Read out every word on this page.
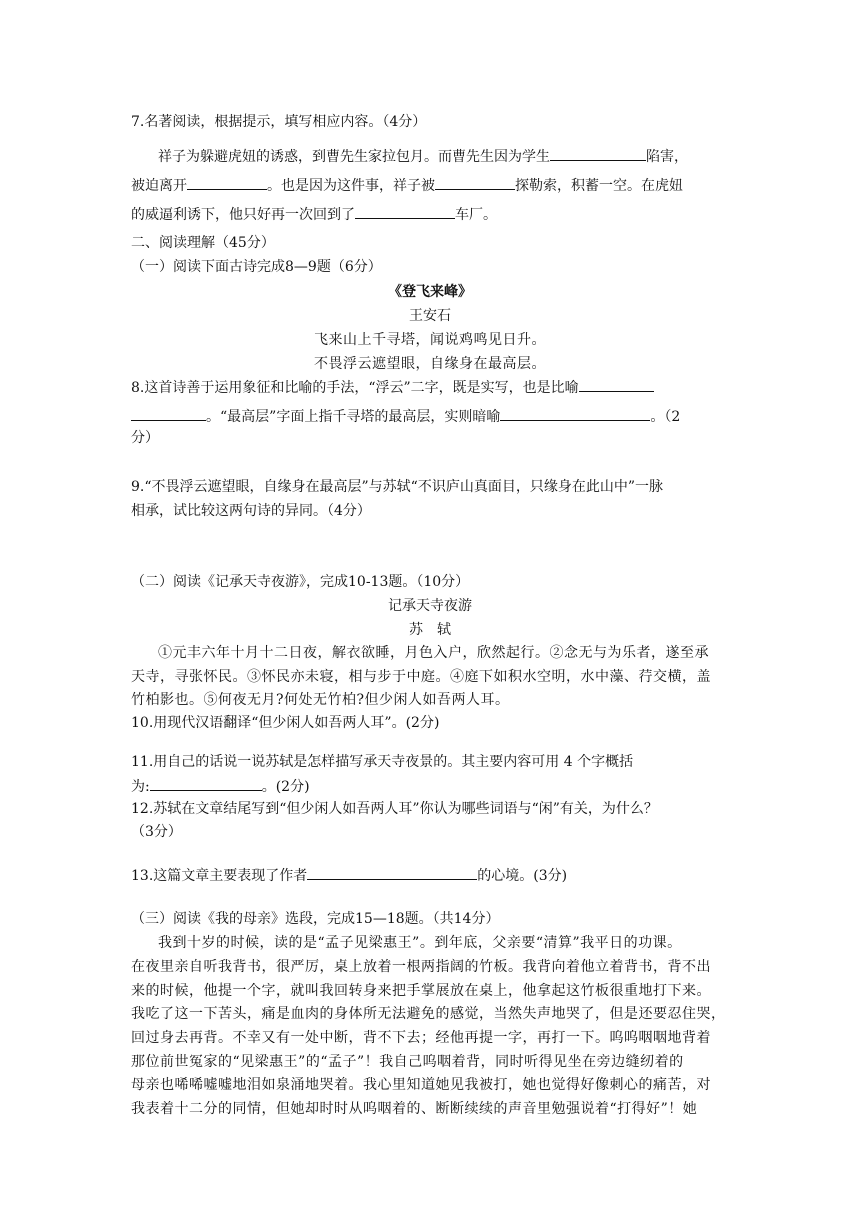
7.名著阅读，根据提示，填写相应内容。（4分）
祥子为躲避虎妞的诱惑，到曹先生家拉包月。而曹先生因为学生	陷害，
被迫离开	。也是因为这件事，祥子被	探勒索，积蓄一空。在虎妞
的威逼利诱下，他只好再一次回到了	车厂。
二、阅读理解（45分）
（一）阅读下面古诗完成8—9题（6分）
《登飞来峰》
王安石
飞来山上千寻塔，闻说鸡鸣见日升。
不畏浮云遮望眼，自缘身在最高层。
8.这首诗善于运用象征和比喻的手法，“浮云”二字，既是实写，也是比喻
。“最高层”字面上指千寻塔的最高层，实则暗喻	。（2
分）
9.“不畏浮云遮望眼，自缘身在最高层”与苏轼“不识庐山真面目，只缘身在此山中”一脉
相承，试比较这两句诗的异同。（4分）
（二）阅读《记承天寺夜游》，完成10-13题。（10分）
记承天寺夜游
苏　轼
①元丰六年十月十二日夜，解衣欲睡，月色入户，欣然起行。②念无与为乐者，遂至承
天寺，寻张怀民。③怀民亦未寝，相与步于中庭。④庭下如积水空明，水中藻、荇交横，盖
竹柏影也。⑤何夜无月?何处无竹柏?但少闲人如吾两人耳。
10.用现代汉语翻译“但少闲人如吾两人耳”。(2分)
11.用自己的话说一说苏轼是怎样描写承天寺夜景的。其主要内容可用 4 个字概括
为:	。(2分)
12.苏轼在文章结尾写到“但少闲人如吾两人耳”你认为哪些词语与“闲”有关，为什么？
（3分）
13.这篇文章主要表现了作者	的心境。(3分)
（三）阅读《我的母亲》选段，完成15—18题。（共14分）
我到十岁的时候，读的是“孟子见梁惠王”。到年底，父亲要“清算”我平日的功课。
在夜里亲自听我背书，很严厉，桌上放着一根两指阔的竹板。我背向着他立着背书，背不出
来的时候，他提一个字，就叫我回转身来把手掌展放在桌上，他拿起这竹板很重地打下来。
我吃了这一下苦头，痛是血肉的身体所无法避免的感觉，当然失声地哭了，但是还要忍住哭，
回过身去再背。不幸又有一处中断，背不下去；经他再提一字，再打一下。呜呜咽咽地背着
那位前世冤家的“见梁惠王”的“孟子”！我自己呜咽着背，同时听得见坐在旁边缝纫着的
母亲也唏唏嘘嘘地泪如泉涌地哭着。我心里知道她见我被打，她也觉得好像刺心的痛苦，对
我表着十二分的同情，但她却时时从呜咽着的、断断续续的声音里勉强说着“打得好”！她
